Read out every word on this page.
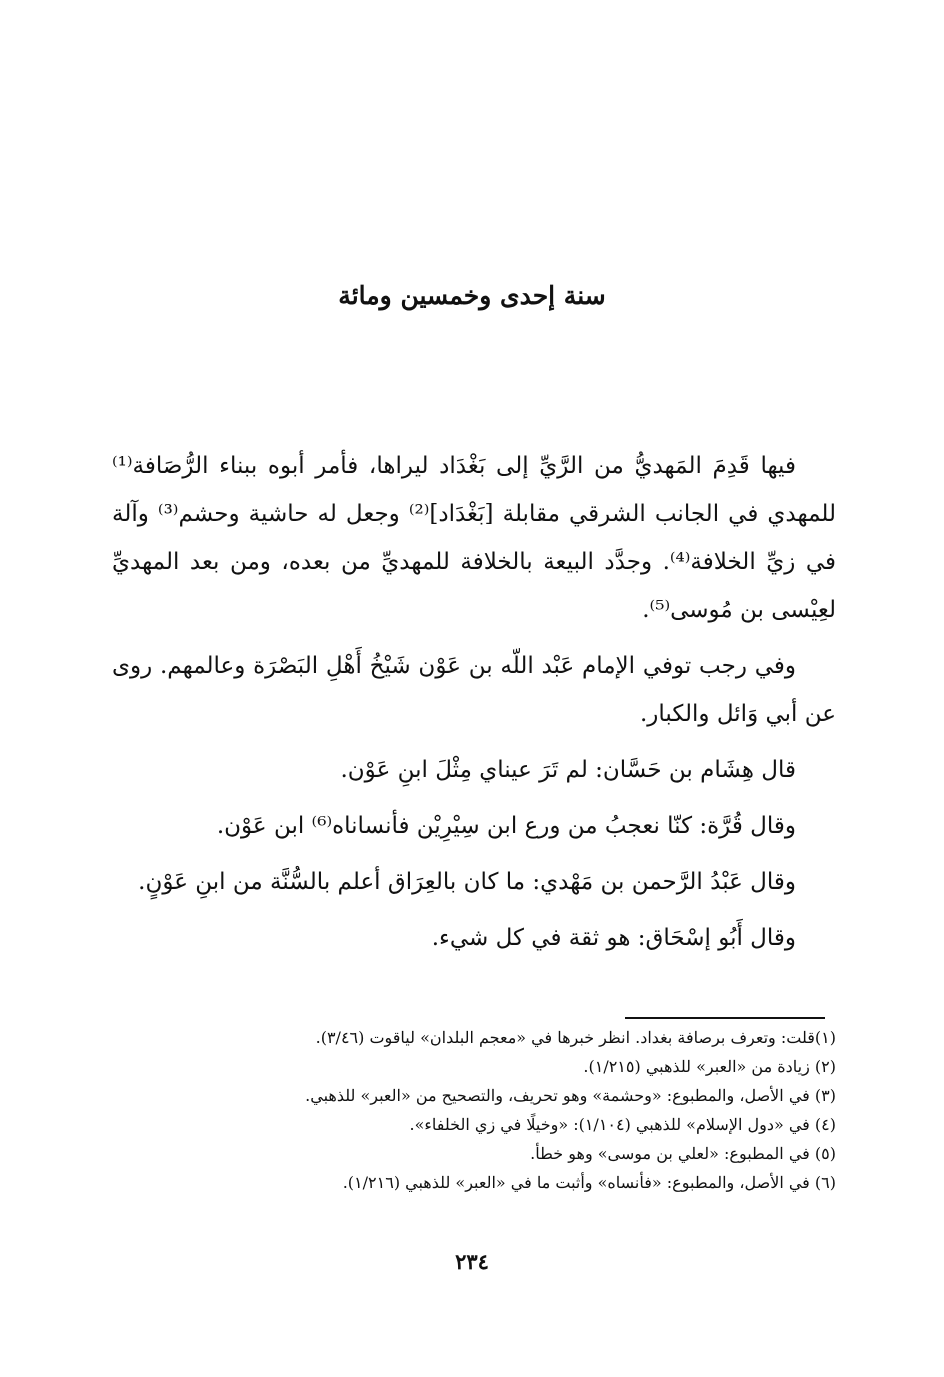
سنة إحدى وخمسين ومائة

فيها قَدِمَ المَهديُّ من الرَّيِّ إلى بَغْدَاد ليراها، فأمر أبوه ببناء الرُّصَافة⁽¹⁾ للمهدي في الجانب الشرقي مقابلة [بَغْدَاد]⁽²⁾ وجعل له حاشية وحشم⁽³⁾ وآلة في زيِّ الخلافة⁽⁴⁾. وجدَّد البيعة بالخلافة للمهديِّ من بعده، ومن بعد المهديِّ لعِيْسى بن مُوسى⁽⁵⁾.

وفي رجب توفي الإمام عَبْد اللّه بن عَوْن شَيْخُ أَهْلِ البَصْرَة وعالمهم. روى عن أبي وَائل والكبار.

قال هِشَام بن حَسَّان: لم تَرَ عيناي مِثْلَ ابنِ عَوْن.

وقال قُرَّة: كنّا نعجبُ من ورع ابن سِيْرِيْن فأنساناه⁽⁶⁾ ابن عَوْن.

وقال عَبْدُ الرَّحمن بن مَهْدي: ما كان بالعِرَاق أعلم بالسُّنَّة من ابنِ عَوْنٍ.

وقال أَبُو إسْحَاق: هو ثقة في كل شيء.

(١)قلت: وتعرف برصافة بغداد. انظر خبرها في «معجم البلدان» لياقوت (٣/٤٦).

(٢) زيادة من «العبر» للذهبي (١/٢١٥).

(٣) في الأصل، والمطبوع: «وحشمة» وهو تحريف، والتصحيح من «العبر» للذهبي.

(٤) في «دول الإسلام» للذهبي (١/١٠٤): «وخيلًا في زي الخلفاء».

(٥) في المطبوع: «لعلي بن موسى» وهو خطأ.

(٦) في الأصل، والمطبوع: «فأنساه» وأثبت ما في «العبر» للذهبي (١/٢١٦).

٢٣٤
